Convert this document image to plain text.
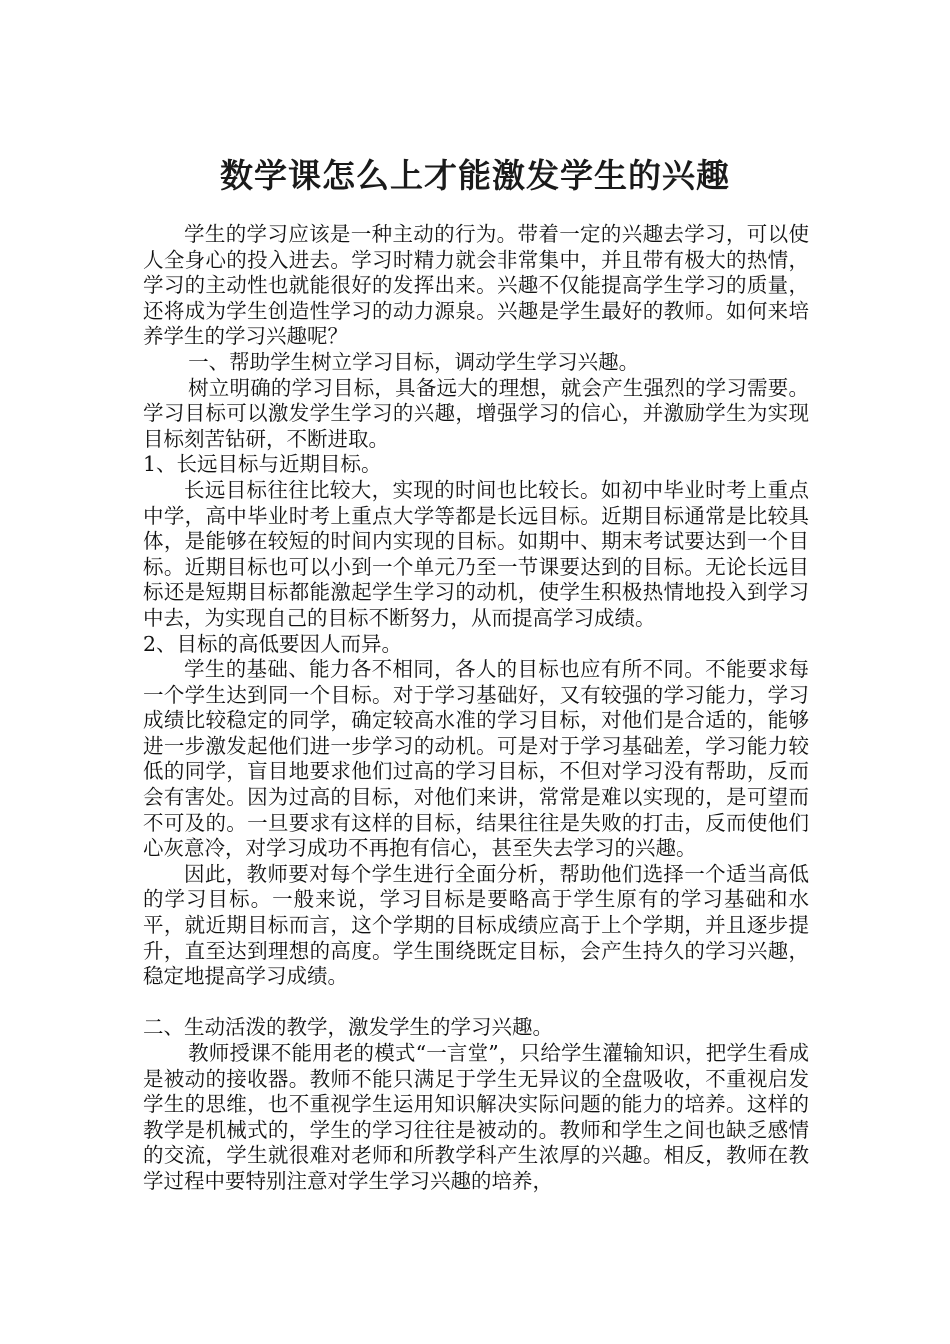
数学课怎么上才能激发学生的兴趣

学生的学习应该是一种主动的行为。带着一定的兴趣去学习，可以使人全身心的投入进去。学习时精力就会非常集中，并且带有极大的热情，学习的主动性也就能很好的发挥出来。兴趣不仅能提高学生学习的质量，还将成为学生创造性学习的动力源泉。兴趣是学生最好的教师。如何来培养学生的学习兴趣呢？

一、帮助学生树立学习目标，调动学生学习兴趣。

树立明确的学习目标，具备远大的理想，就会产生强烈的学习需要。学习目标可以激发学生学习的兴趣，增强学习的信心，并激励学生为实现目标刻苦钻研，不断进取。

1、长远目标与近期目标。

长远目标往往比较大，实现的时间也比较长。如初中毕业时考上重点中学，高中毕业时考上重点大学等都是长远目标。近期目标通常是比较具体，是能够在较短的时间内实现的目标。如期中、期末考试要达到一个目标。近期目标也可以小到一个单元乃至一节课要达到的目标。无论长远目标还是短期目标都能激起学生学习的动机，使学生积极热情地投入到学习中去，为实现自己的目标不断努力，从而提高学习成绩。

2、目标的高低要因人而异。

学生的基础、能力各不相同，各人的目标也应有所不同。不能要求每一个学生达到同一个目标。对于学习基础好，又有较强的学习能力，学习成绩比较稳定的同学，确定较高水准的学习目标，对他们是合适的，能够进一步激发起他们进一步学习的动机。可是对于学习基础差，学习能力较低的同学，盲目地要求他们过高的学习目标，不但对学习没有帮助，反而会有害处。因为过高的目标，对他们来讲，常常是难以实现的，是可望而不可及的。一旦要求有这样的目标，结果往往是失败的打击，反而使他们心灰意冷，对学习成功不再抱有信心，甚至失去学习的兴趣。

因此，教师要对每个学生进行全面分析，帮助他们选择一个适当高低的学习目标。一般来说，学习目标是要略高于学生原有的学习基础和水平，就近期目标而言，这个学期的目标成绩应高于上个学期，并且逐步提升，直至达到理想的高度。学生围绕既定目标，会产生持久的学习兴趣，稳定地提高学习成绩。

二、生动活泼的教学，激发学生的学习兴趣。

教师授课不能用老的模式“一言堂”，只给学生灌输知识，把学生看成是被动的接收器。教师不能只满足于学生无异议的全盘吸收，不重视启发学生的思维，也不重视学生运用知识解决实际问题的能力的培养。这样的教学是机械式的，学生的学习往往是被动的。教师和学生之间也缺乏感情的交流，学生就很难对老师和所教学科产生浓厚的兴趣。相反，教师在教学过程中要特别注意对学生学习兴趣的培养，
